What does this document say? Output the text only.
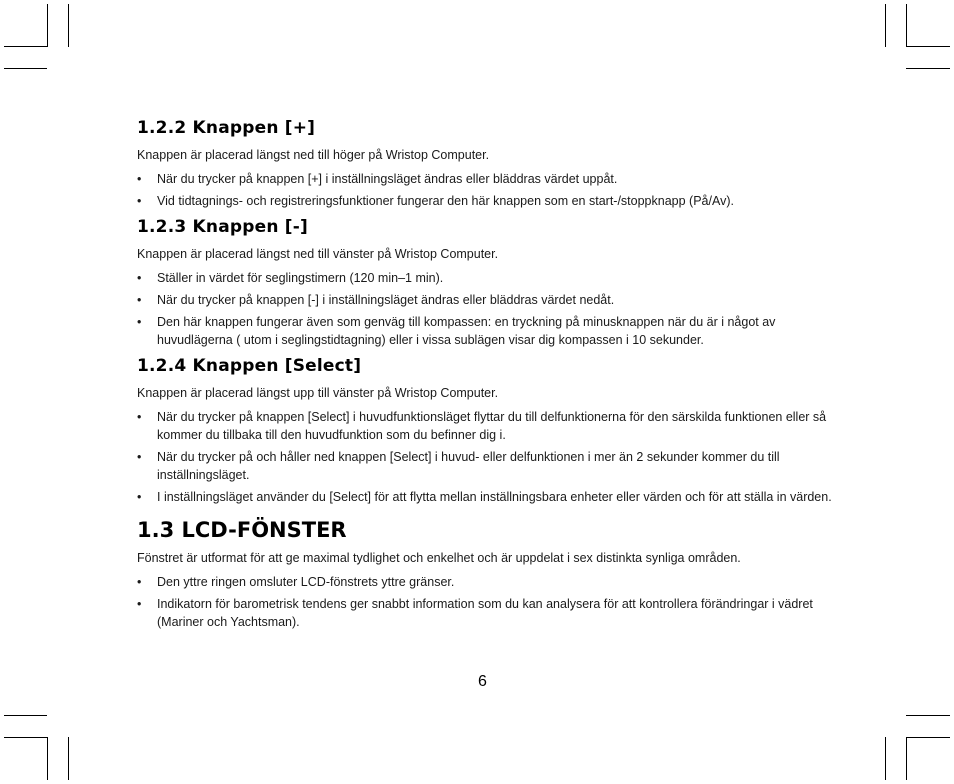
1.2.2 Knappen [+]

Knappen är placerad längst ned till höger på Wristop Computer.

• När du trycker på knappen [+] i inställningsläget ändras eller bläddras värdet uppåt.
• Vid tidtagnings- och registreringsfunktioner fungerar den här knappen som en start-/stoppknapp (På/Av).
1.2.3 Knappen [-]

Knappen är placerad längst ned till vänster på Wristop Computer.

• Ställer in värdet för seglingstimern (120 min–1 min).
• När du trycker på knappen [-] i inställningsläget ändras eller bläddras värdet nedåt.
• Den här knappen fungerar även som genväg till kompassen: en tryckning på minusknappen när du är i något av huvudlägerna ( utom i seglingstidtagning) eller i vissa sublägen visar dig kompassen i 10 sekunder.
1.2.4 Knappen [Select]

Knappen är placerad längst upp till vänster på Wristop Computer.

• När du trycker på knappen [Select] i huvudfunktionsläget flyttar du till delfunktionerna för den särskilda funktionen eller så kommer du tillbaka till den huvudfunktion som du befinner dig i.
• När du trycker på och håller ned knappen [Select] i huvud- eller delfunktionen i mer än 2 sekunder kommer du till inställningsläget.
• I inställningsläget använder du [Select] för att flytta mellan inställningsbara enheter eller värden och för att ställa in värden.
1.3 LCD-FÖNSTER

Fönstret är utformat för att ge maximal tydlighet och enkelhet och är uppdelat i sex distinkta synliga områden.

• Den yttre ringen omsluter LCD-fönstrets yttre gränser.
• Indikatorn för barometrisk tendens ger snabbt information som du kan analysera för att kontrollera förändringar i vädret (Mariner och Yachtsman).
6
